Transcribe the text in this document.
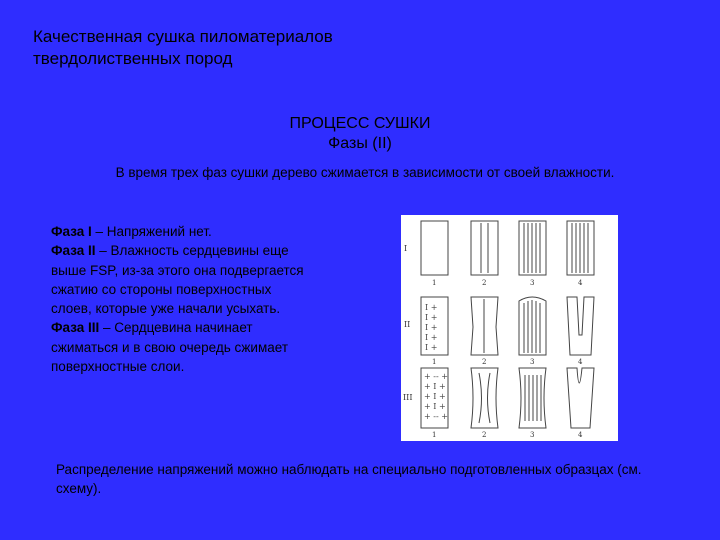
Качественная сушка пиломатериалов
твердолиственных пород
ПРОЦЕСС СУШКИ
Фазы (II)
В время трех фаз сушки дерево сжимается в зависимости от своей влажности.
Фаза I – Напряжений нет.
Фаза II – Влажность сердцевины еще выше FSP, из-за этого она подвергается сжатию со стороны поверхностных слоев, которые уже начали усыхать.
Фаза III – Сердцевина начинает сжиматься и в свою очередь сжимает поверхностные слои.
I +
I +
I +
I +
I +
+ -- +
+ I +
+ I +
+ I +
+ -- +
I
II
III
1	2	3	4
1	2	3	4
1	2	3	4
Распределение напряжений можно наблюдать на специально подготовленных образцах (см. схему).
